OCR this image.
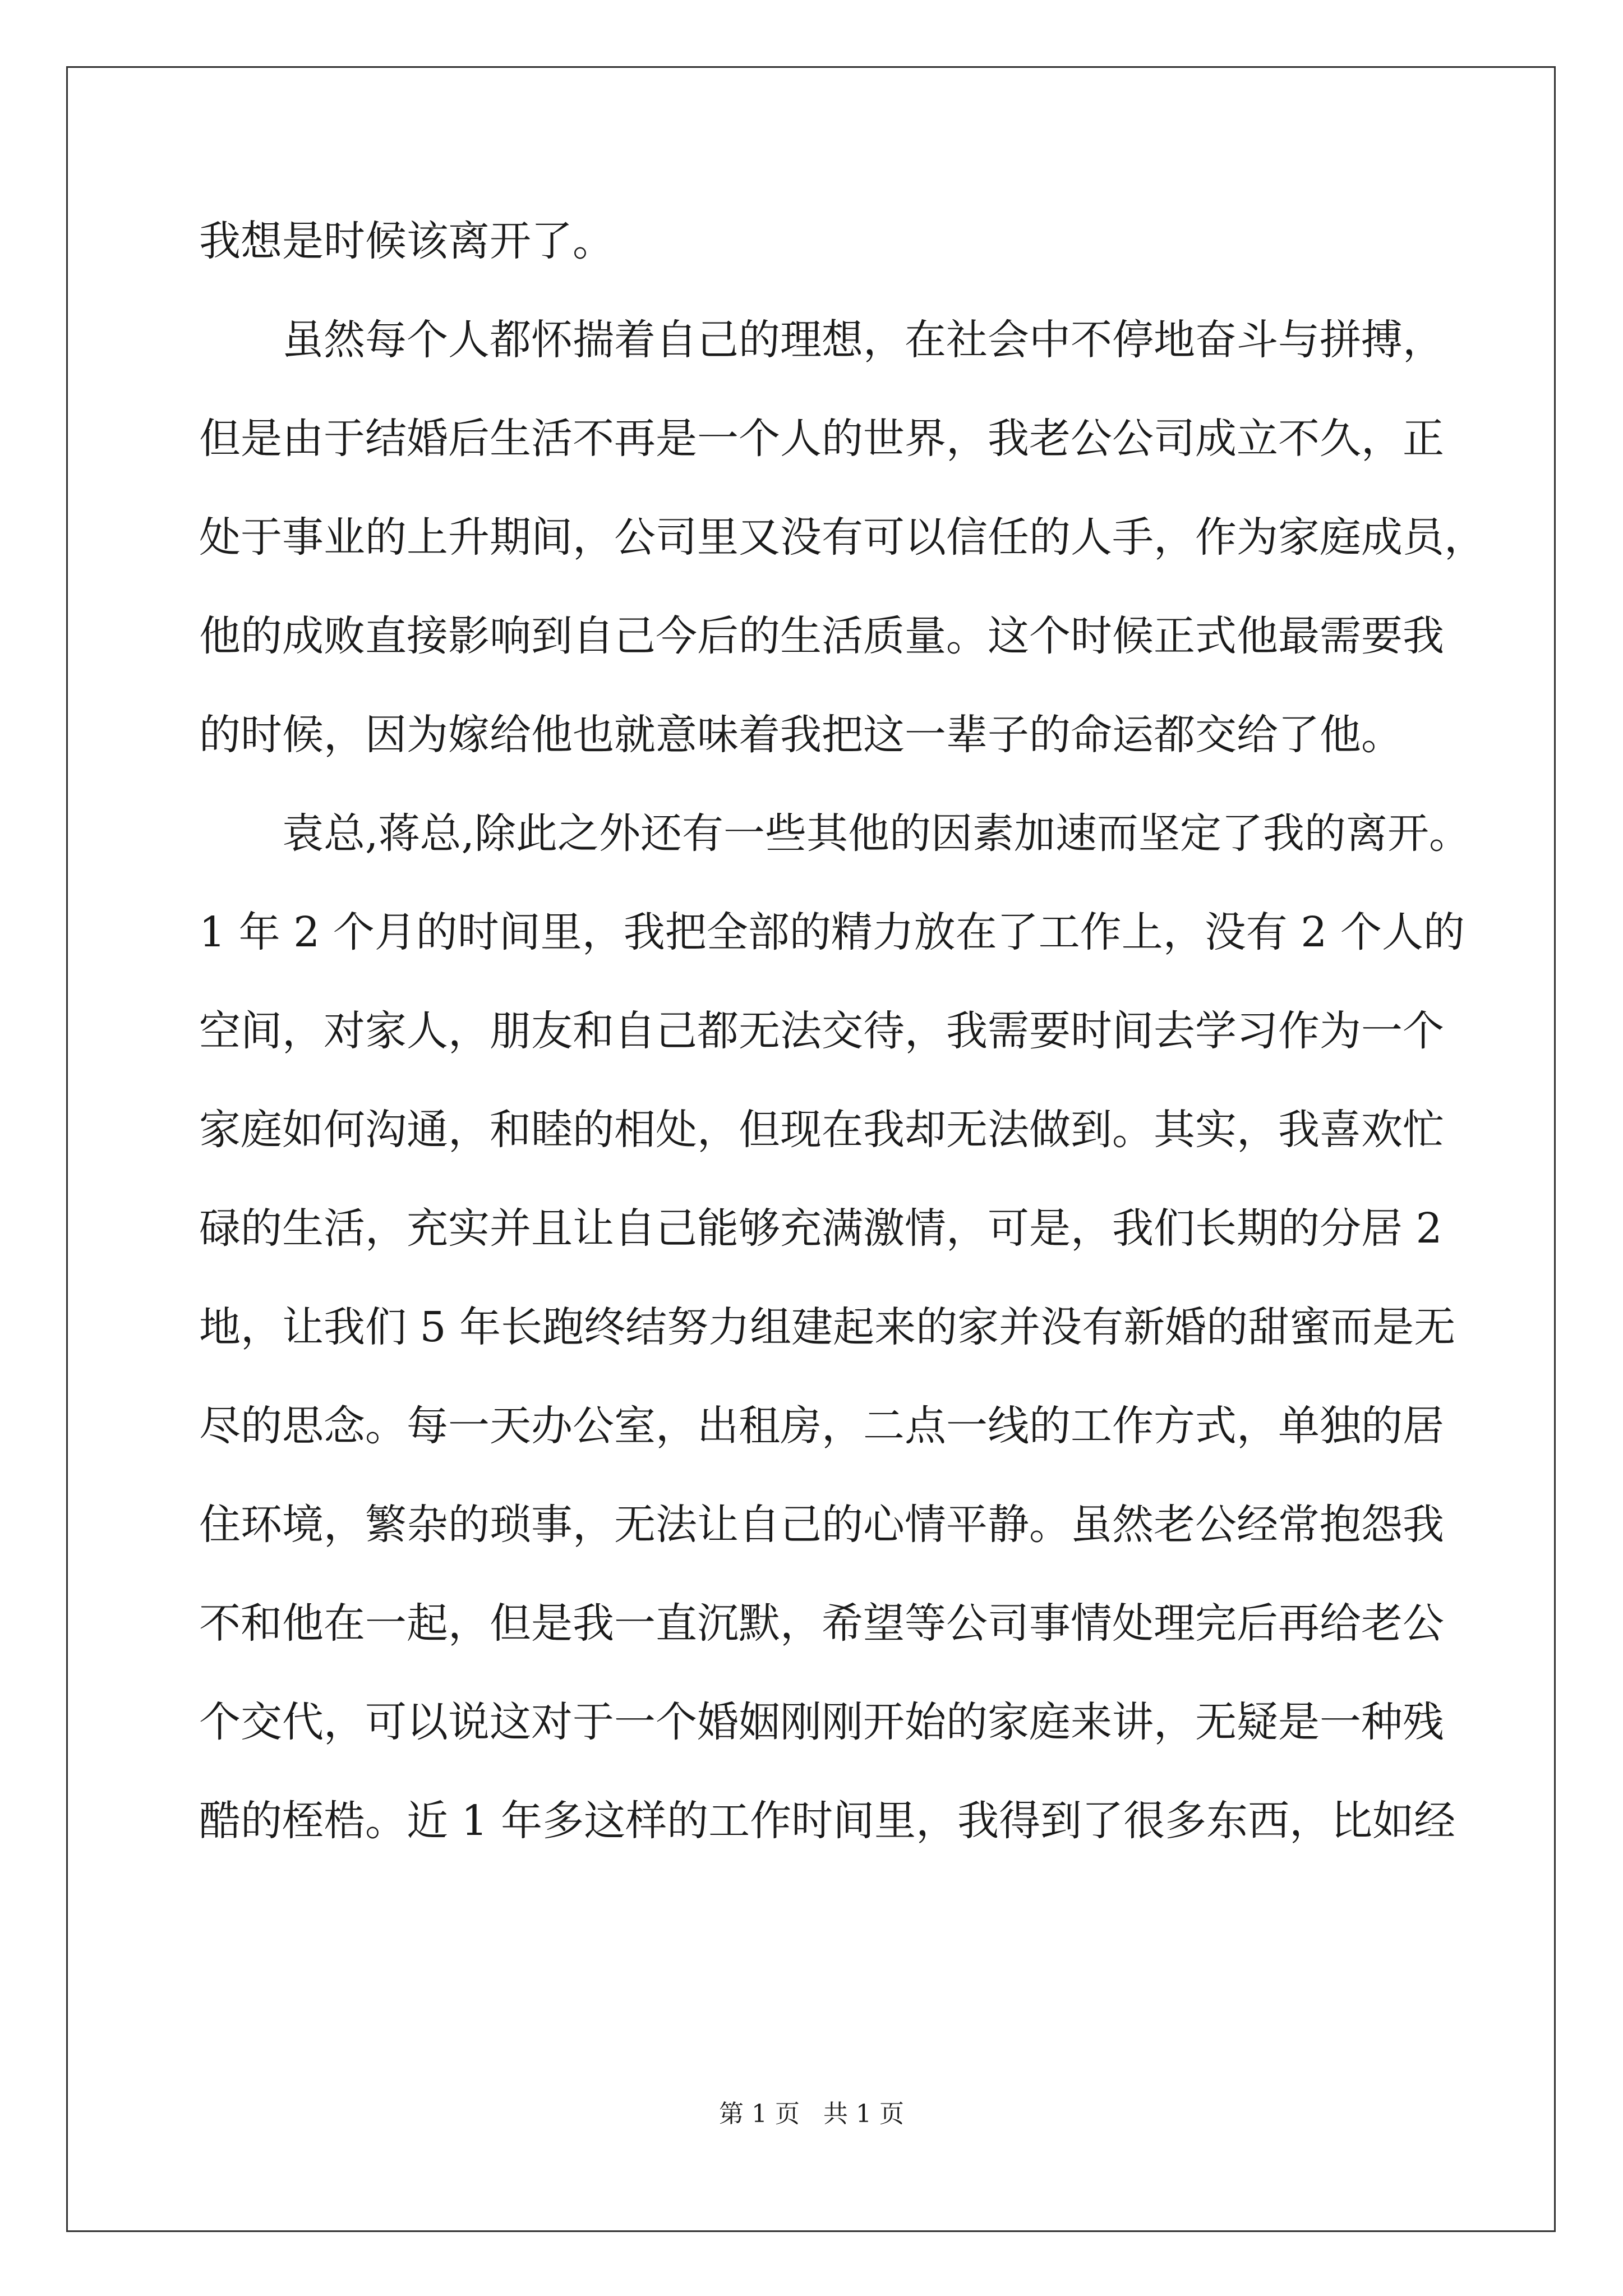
我想是时候该离开了。
虽然每个人都怀揣着自己的理想，在社会中不停地奋斗与拼搏，
但是由于结婚后生活不再是一个人的世界，我老公公司成立不久，正
处于事业的上升期间，公司里又没有可以信任的人手，作为家庭成员，
他的成败直接影响到自己今后的生活质量。这个时候正式他最需要我
的时候，因为嫁给他也就意味着我把这一辈子的命运都交给了他。
袁总,蒋总,除此之外还有一些其他的因素加速而坚定了我的离开。
1 年 2 个月的时间里，我把全部的精力放在了工作上，没有 2 个人的
空间，对家人，朋友和自己都无法交待，我需要时间去学习作为一个
家庭如何沟通，和睦的相处，但现在我却无法做到。其实，我喜欢忙
碌的生活，充实并且让自己能够充满激情，可是，我们长期的分居 2
地，让我们 5 年长跑终结努力组建起来的家并没有新婚的甜蜜而是无
尽的思念。每一天办公室，出租房，二点一线的工作方式，单独的居
住环境，繁杂的琐事，无法让自己的心情平静。虽然老公经常抱怨我
不和他在一起，但是我一直沉默，希望等公司事情处理完后再给老公
个交代，可以说这对于一个婚姻刚刚开始的家庭来讲，无疑是一种残
酷的桎梏。近 1 年多这样的工作时间里，我得到了很多东西，比如经
第 1 页   共 1 页
